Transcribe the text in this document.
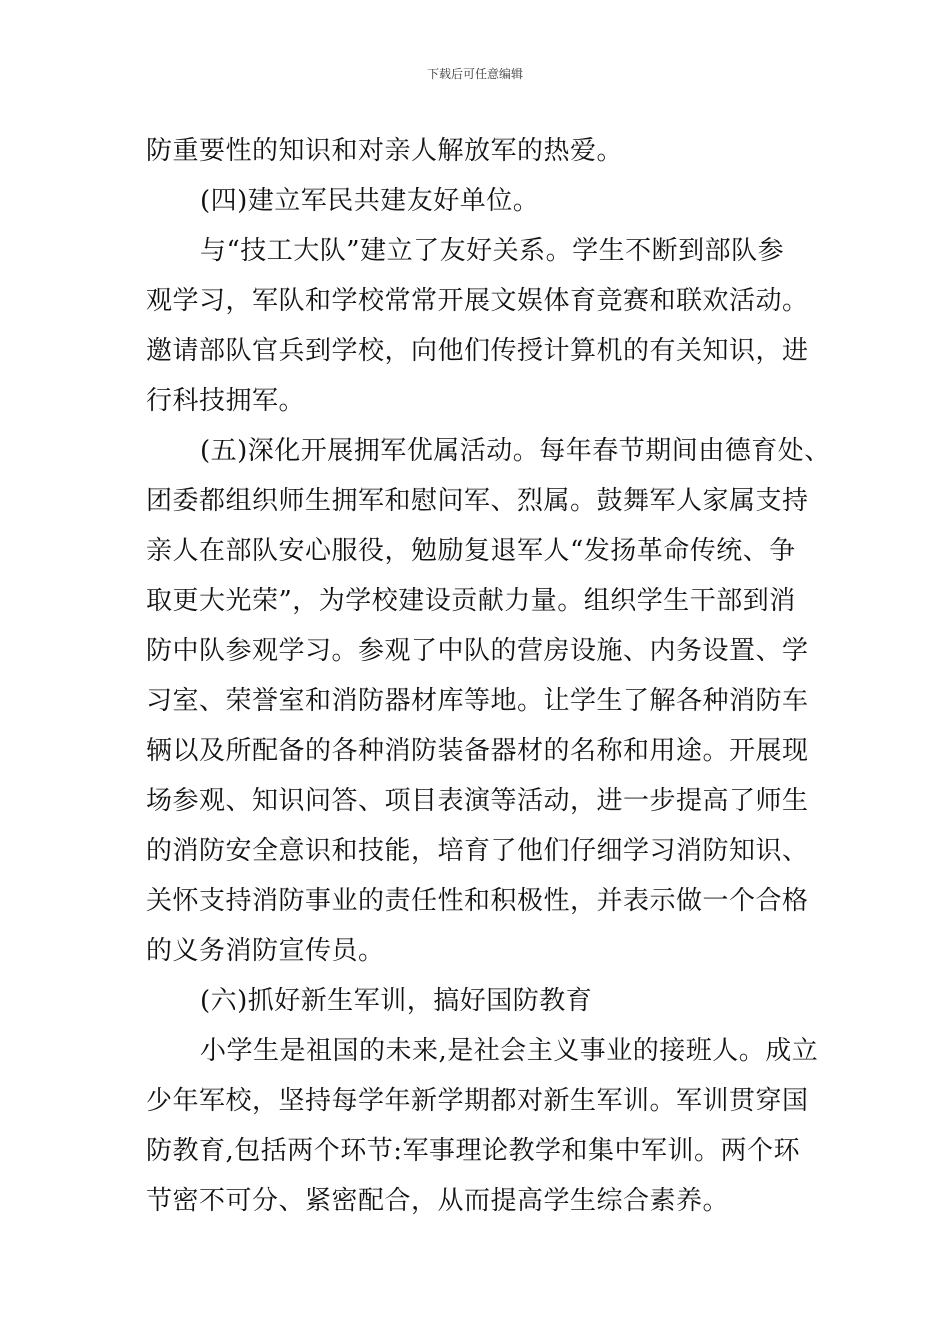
下载后可任意编辑
防重要性的知识和对亲人解放军的热爱。
(四)建立军民共建友好单位。
与“技工大队”建立了友好关系。学生不断到部队参
观学习，军队和学校常常开展文娱体育竞赛和联欢活动。
邀请部队官兵到学校，向他们传授计算机的有关知识，进
行科技拥军。
(五)深化开展拥军优属活动。每年春节期间由德育处、
团委都组织师生拥军和慰问军、烈属。鼓舞军人家属支持
亲人在部队安心服役，勉励复退军人“发扬革命传统、争
取更大光荣”，为学校建设贡献力量。组织学生干部到消
防中队参观学习。参观了中队的营房设施、内务设置、学
习室、荣誉室和消防器材库等地。让学生了解各种消防车
辆以及所配备的各种消防装备器材的名称和用途。开展现
场参观、知识问答、项目表演等活动，进一步提高了师生
的消防安全意识和技能，培育了他们仔细学习消防知识、
关怀支持消防事业的责任性和积极性，并表示做一个合格
的义务消防宣传员。
(六)抓好新生军训，搞好国防教育
小学生是祖国的未来,是社会主义事业的接班人。成立
少年军校，坚持每学年新学期都对新生军训。军训贯穿国
防教育,包括两个环节:军事理论教学和集中军训。两个环
节密不可分、紧密配合，从而提高学生综合素养。
